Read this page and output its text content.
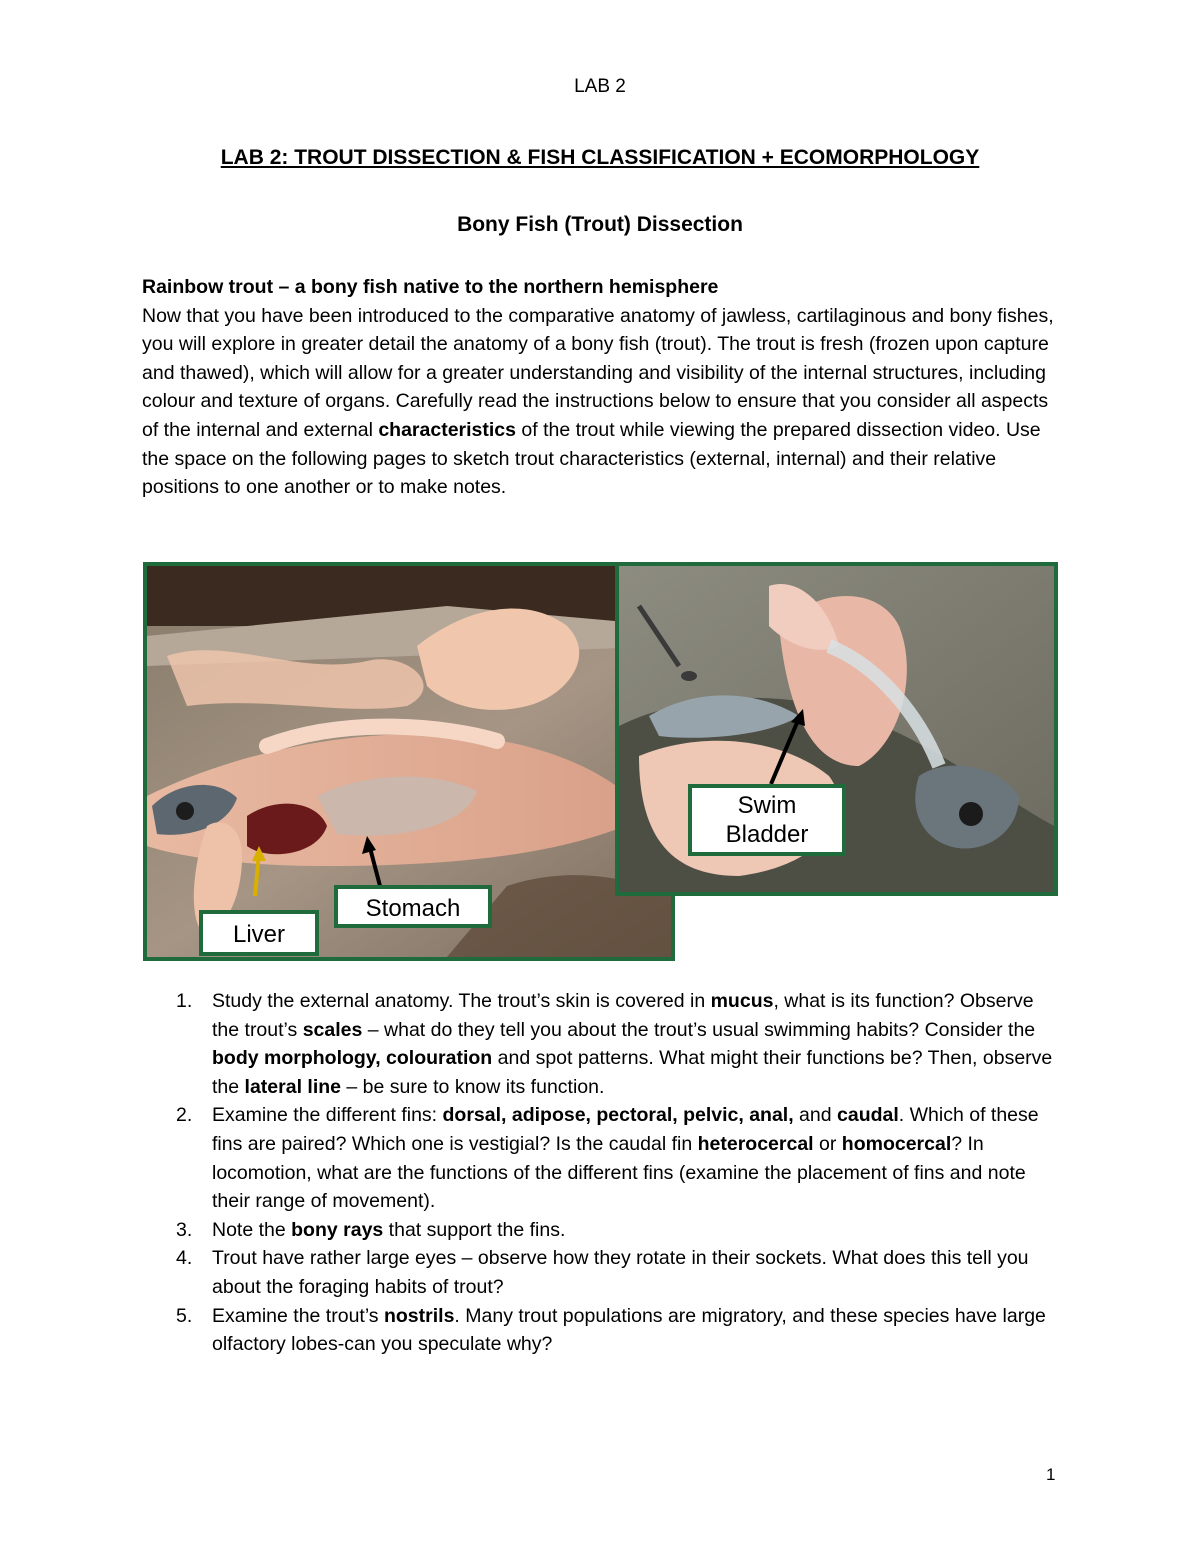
LAB 2
LAB 2: TROUT DISSECTION & FISH CLASSIFICATION + ECOMORPHOLOGY
Bony Fish (Trout) Dissection
Rainbow trout – a bony fish native to the northern hemisphere

Now that you have been introduced to the comparative anatomy of jawless, cartilaginous and bony fishes, you will explore in greater detail the anatomy of a bony fish (trout). The trout is fresh (frozen upon capture and thawed), which will allow for a greater understanding and visibility of the internal structures, including colour and texture of organs. Carefully read the instructions below to ensure that you consider all aspects of the internal and external characteristics of the trout while viewing the prepared dissection video. Use the space on the following pages to sketch trout characteristics (external, internal) and their relative positions to one another or to make notes.

Liver
Stomach
Swim
Bladder
1. Study the external anatomy. The trout’s skin is covered in mucus, what is its function? Observe the trout’s scales – what do they tell you about the trout’s usual swimming habits? Consider the body morphology, colouration and spot patterns. What might their functions be? Then, observe the lateral line – be sure to know its function.
2. Examine the different fins: dorsal, adipose, pectoral, pelvic, anal, and caudal. Which of these fins are paired? Which one is vestigial? Is the caudal fin heterocercal or homocercal? In locomotion, what are the functions of the different fins (examine the placement of fins and note their range of movement).
3. Note the bony rays that support the fins.
4. Trout have rather large eyes – observe how they rotate in their sockets. What does this tell you about the foraging habits of trout?
5. Examine the trout’s nostrils. Many trout populations are migratory, and these species have large olfactory lobes-can you speculate why?
1
